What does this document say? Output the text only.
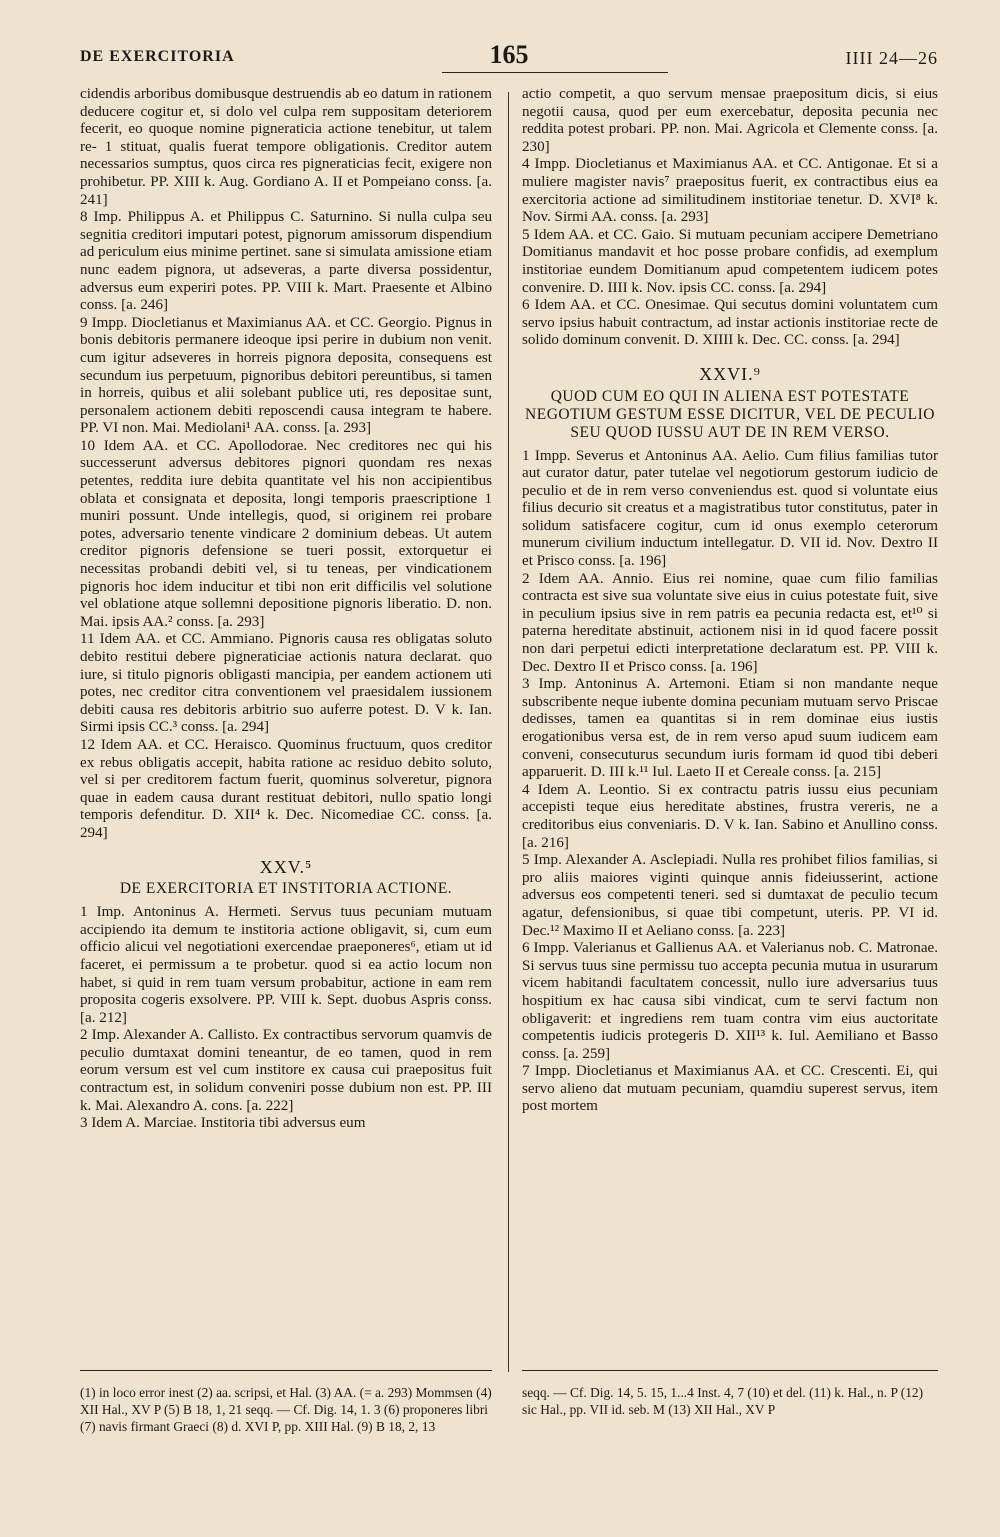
DE EXERCITORIA	165	IIII 24—26

cidendis arboribus domibusque destruendis ab eo datum in rationem deducere cogitur et, si dolo vel culpa rem suppositam deteriorem fecerit, eo quoque nomine pigneraticia actione tenebitur, ut talem re- 1 stituat, qualis fuerat tempore obligationis. Creditor autem necessarios sumptus, quos circa res pigneraticias fecit, exigere non prohibetur. PP. XIII k. Aug. Gordiano A. II et Pompeiano conss. [a. 241]

8 Imp. Philippus A. et Philippus C. Saturnino. Si nulla culpa seu segnitia creditori imputari potest, pignorum amissorum dispendium ad periculum eius minime pertinet. sane si simulata amissione etiam nunc eadem pignora, ut adseveras, a parte diversa possidentur, adversus eum experiri potes. PP. VIII k. Mart. Praesente et Albino conss. [a. 246]

9 Impp. Diocletianus et Maximianus AA. et CC. Georgio. Pignus in bonis debitoris permanere ideoque ipsi perire in dubium non venit. cum igitur adseveres in horreis pignora deposita, consequens est secundum ius perpetuum, pignoribus debitori pereuntibus, si tamen in horreis, quibus et alii solebant publice uti, res depositae sunt, personalem actionem debiti reposcendi causa integram te habere. PP. VI non. Mai. Mediolani¹ AA. conss. [a. 293]

10 Idem AA. et CC. Apollodorae. Nec creditores nec qui his successerunt adversus debitores pignori quondam res nexas petentes, reddita iure debita quantitate vel his non accipientibus oblata et consignata et deposita, longi temporis praescriptione 1 muniri possunt. Unde intellegis, quod, si originem rei probare potes, adversario tenente vindicare 2 dominium debeas. Ut autem creditor pignoris defensione se tueri possit, extorquetur ei necessitas probandi debiti vel, si tu teneas, per vindicationem pignoris hoc idem inducitur et tibi non erit difficilis vel solutione vel oblatione atque sollemni depositione pignoris liberatio. D. non. Mai. ipsis AA.² conss. [a. 293]

11 Idem AA. et CC. Ammiano. Pignoris causa res obligatas soluto debito restitui debere pigneraticiae actionis natura declarat. quo iure, si titulo pignoris obligasti mancipia, per eandem actionem uti potes, nec creditor citra conventionem vel praesidalem iussionem debiti causa res debitoris arbitrio suo auferre potest. D. V k. Ian. Sirmi ipsis CC.³ conss. [a. 294]

12 Idem AA. et CC. Heraisco. Quominus fructuum, quos creditor ex rebus obligatis accepit, habita ratione ac residuo debito soluto, vel si per creditorem factum fuerit, quominus solveretur, pignora quae in eadem causa durant restituat debitori, nullo spatio longi temporis defenditur. D. XII⁴ k. Dec. Nicomediae CC. conss. [a. 294]

XXV.⁵
DE EXERCITORIA ET INSTITORIA ACTIONE.

1 Imp. Antoninus A. Hermeti. Servus tuus pecuniam mutuam accipiendo ita demum te institoria actione obligavit, si, cum eum officio alicui vel negotiationi exercendae praeponeres⁶, etiam ut id faceret, ei permissum a te probetur. quod si ea actio locum non habet, si quid in rem tuam versum probabitur, actione in eam rem proposita cogeris exsolvere. PP. VIII k. Sept. duobus Aspris conss. [a. 212]

2 Imp. Alexander A. Callisto. Ex contractibus servorum quamvis de peculio dumtaxat domini teneantur, de eo tamen, quod in rem eorum versum est vel cum institore ex causa cui praepositus fuit contractum est, in solidum conveniri posse dubium non est. PP. III k. Mai. Alexandro A. cons. [a. 222]

3 Idem A. Marciae. Institoria tibi adversus eum

actio competit, a quo servum mensae praepositum dicis, si eius negotii causa, quod per eum exercebatur, deposita pecunia nec reddita potest probari. PP. non. Mai. Agricola et Clemente conss. [a. 230]

4 Impp. Diocletianus et Maximianus AA. et CC. Antigonae. Et si a muliere magister navis⁷ praepositus fuerit, ex contractibus eius ea exercitoria actione ad similitudinem institoriae tenetur. D. XVI⁸ k. Nov. Sirmi AA. conss. [a. 293]

5 Idem AA. et CC. Gaio. Si mutuam pecuniam accipere Demetriano Domitianus mandavit et hoc posse probare confidis, ad exemplum institoriae eundem Domitianum apud competentem iudicem potes convenire. D. IIII k. Nov. ipsis CC. conss. [a. 294]

6 Idem AA. et CC. Onesimae. Qui secutus domini voluntatem cum servo ipsius habuit contractum, ad instar actionis institoriae recte de solido dominum convenit. D. XIIII k. Dec. CC. conss. [a. 294]

XXVI.⁹
QUOD CUM EO QUI IN ALIENA EST POTESTATE NEGOTIUM GESTUM ESSE DICITUR, VEL DE PECULIO SEU QUOD IUSSU AUT DE IN REM VERSO.

1 Impp. Severus et Antoninus AA. Aelio. Cum filius familias tutor aut curator datur, pater tutelae vel negotiorum gestorum iudicio de peculio et de in rem verso conveniendus est. quod si voluntate eius filius decurio sit creatus et a magistratibus tutor constitutus, pater in solidum satisfacere cogitur, cum id onus exemplo ceterorum munerum civilium inductum intellegatur. D. VII id. Nov. Dextro II et Prisco conss. [a. 196]

2 Idem AA. Annio. Eius rei nomine, quae cum filio familias contracta est sive sua voluntate sive eius in cuius potestate fuit, sive in peculium ipsius sive in rem patris ea pecunia redacta est, et¹⁰ si paterna hereditate abstinuit, actionem nisi in id quod facere possit non dari perpetui edicti interpretatione declaratum est. PP. VIII k. Dec. Dextro II et Prisco conss. [a. 196]

3 Imp. Antoninus A. Artemoni. Etiam si non mandante neque subscribente neque iubente domina pecuniam mutuam servo Priscae dedisses, tamen ea quantitas si in rem dominae eius iustis erogationibus versa est, de in rem verso apud suum iudicem eam conveni, consecuturus secundum iuris formam id quod tibi deberi apparuerit. D. III k.¹¹ Iul. Laeto II et Cereale conss. [a. 215]

4 Idem A. Leontio. Si ex contractu patris iussu eius pecuniam accepisti teque eius hereditate abstines, frustra vereris, ne a creditoribus eius conveniaris. D. V k. Ian. Sabino et Anullino conss. [a. 216]

5 Imp. Alexander A. Asclepiadi. Nulla res prohibet filios familias, si pro aliis maiores viginti quinque annis fideiusserint, actione adversus eos competenti teneri. sed si dumtaxat de peculio tecum agatur, defensionibus, si quae tibi competunt, uteris. PP. VI id. Dec.¹² Maximo II et Aeliano conss. [a. 223]

6 Impp. Valerianus et Gallienus AA. et Valerianus nob. C. Matronae. Si servus tuus sine permissu tuo accepta pecunia mutua in usurarum vicem habitandi facultatem concessit, nullo iure adversarius tuus hospitium ex hac causa sibi vindicat, cum te servi factum non obligaverit: et ingrediens rem tuam contra vim eius auctoritate competentis iudicis protegeris D. XII¹³ k. Iul. Aemiliano et Basso conss. [a. 259]

7 Impp. Diocletianus et Maximianus AA. et CC. Crescenti. Ei, qui servo alieno dat mutuam pecuniam, quamdiu superest servus, item post mortem

(1) in loco error inest (2) aa. scripsi, et Hal. (3) AA. (= a. 293) Mommsen (4) XII Hal., XV P (5) B 18, 1, 21 seqq. — Cf. Dig. 14, 1. 3 (6) proponeres libri (7) navis firmant Graeci (8) d. XVI P, pp. XIII Hal. (9) B 18, 2, 13

seqq. — Cf. Dig. 14, 5. 15, 1...4 Inst. 4, 7 (10) et del. (11) k. Hal., n. P (12) sic Hal., pp. VII id. seb. M (13) XII Hal., XV P
